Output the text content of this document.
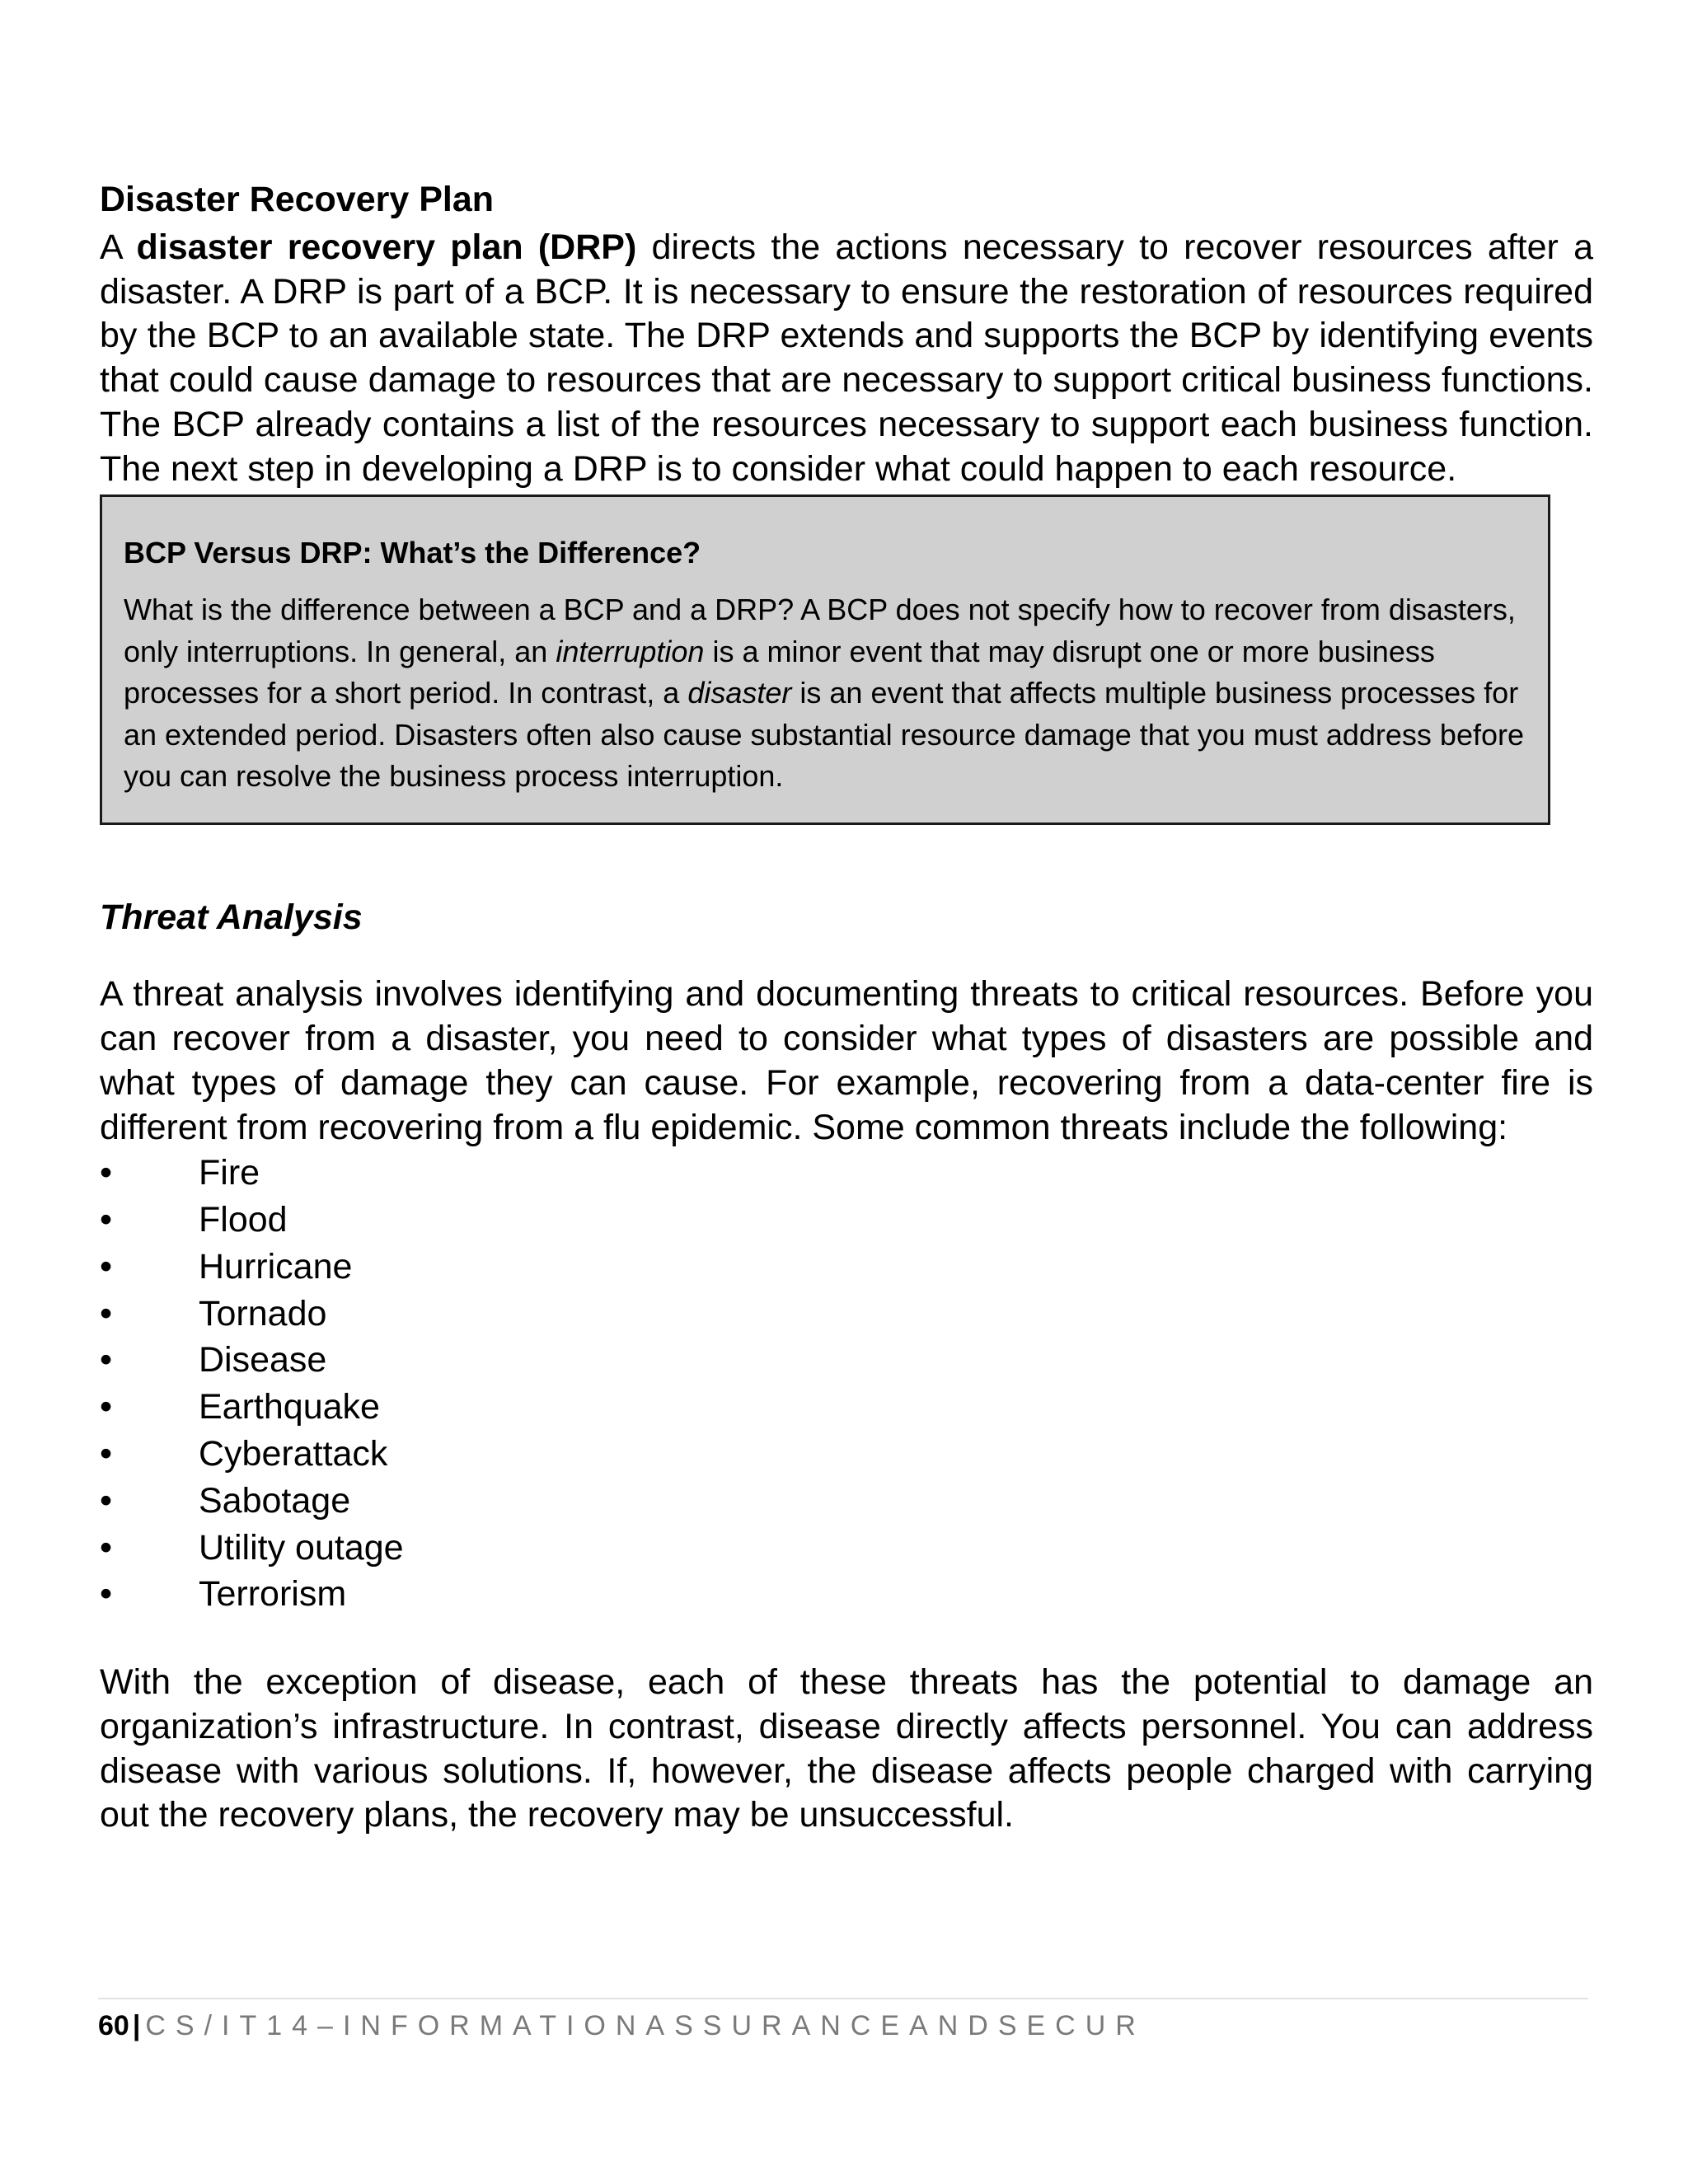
Disaster Recovery Plan

A disaster recovery plan (DRP) directs the actions necessary to recover resources after a disaster. A DRP is part of a BCP. It is necessary to ensure the restoration of resources required by the BCP to an available state. The DRP extends and supports the BCP by identifying events that could cause damage to resources that are necessary to support critical business functions. The BCP already contains a list of the resources necessary to support each business function. The next step in developing a DRP is to consider what could happen to each resource.

BCP Versus DRP: What’s the Difference?

What is the difference between a BCP and a DRP? A BCP does not specify how to recover from disasters, only interruptions. In general, an interruption is a minor event that may disrupt one or more business processes for a short period. In contrast, a disaster is an event that affects multiple business processes for an extended period. Disasters often also cause substantial resource damage that you must address before you can resolve the business process interruption.

Threat Analysis

A threat analysis involves identifying and documenting threats to critical resources. Before you can recover from a disaster, you need to consider what types of disasters are possible and what types of damage they can cause. For example, recovering from a data-center fire is different from recovering from a flu epidemic. Some common threats include the following:

•	Fire
•	Flood
•	Hurricane
•	Tornado
•	Disease
•	Earthquake
•	Cyberattack
•	Sabotage
•	Utility outage
•	Terrorism

With the exception of disease, each of these threats has the potential to damage an organization’s infrastructure. In contrast, disease directly affects personnel. You can address disease with various solutions. If, however, the disease affects people charged with carrying out the recovery plans, the recovery may be unsuccessful.

60 | CS/IT14–INFORMATIONASSURANCEANDSECUR
